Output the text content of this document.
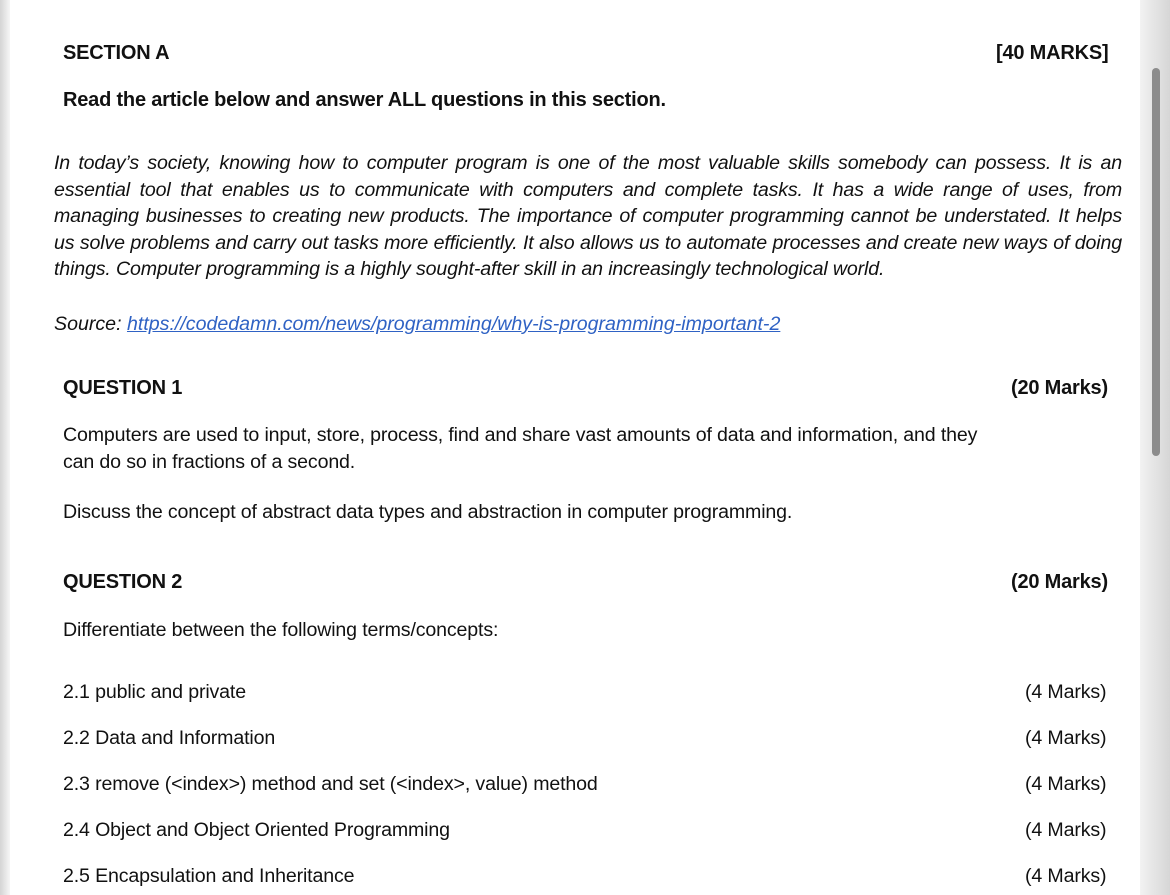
SECTION A	[40 MARKS]
Read the article below and answer ALL questions in this section.
In today’s society, knowing how to computer program is one of the most valuable skills somebody can possess. It is an essential tool that enables us to communicate with computers and complete tasks. It has a wide range of uses, from managing businesses to creating new products. The importance of computer programming cannot be understated. It helps us solve problems and carry out tasks more efficiently. It also allows us to automate processes and create new ways of doing things. Computer programming is a highly sought-after skill in an increasingly technological world.
Source: https://codedamn.com/news/programming/why-is-programming-important-2
QUESTION 1	(20 Marks)
Computers are used to input, store, process, find and share vast amounts of data and information, and they can do so in fractions of a second.
Discuss the concept of abstract data types and abstraction in computer programming.
QUESTION 2	(20 Marks)
Differentiate between the following terms/concepts:
2.1 public and private	(4 Marks)
2.2 Data and Information	(4 Marks)
2.3 remove (<index>) method and set (<index>, value) method	(4 Marks)
2.4 Object and Object Oriented Programming	(4 Marks)
2.5 Encapsulation and Inheritance	(4 Marks)
